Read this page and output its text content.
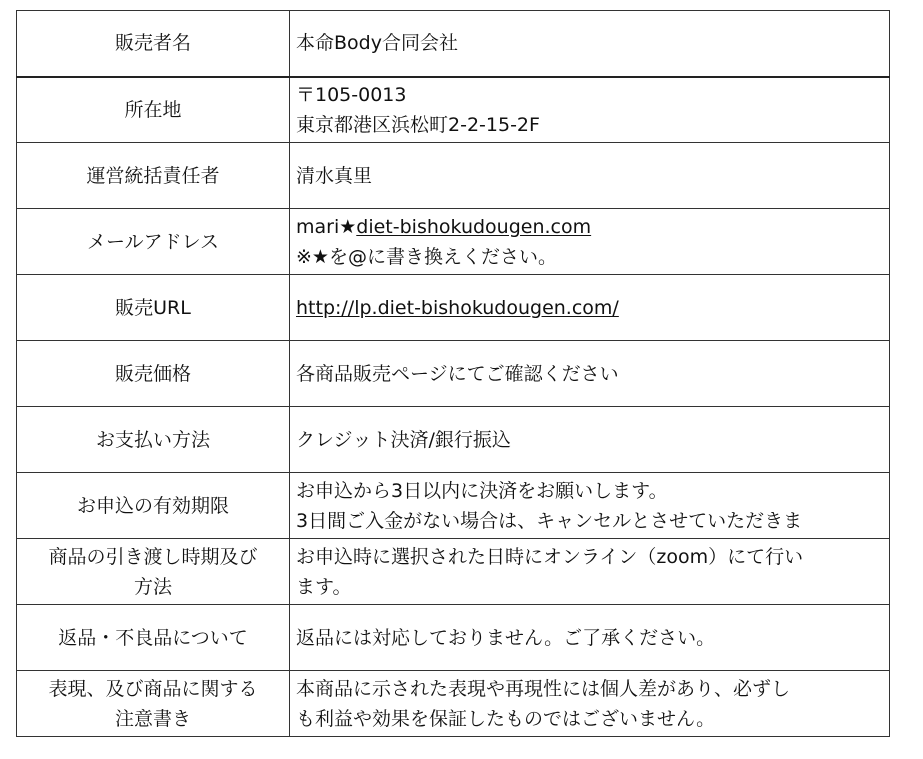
販売者名	本命Body合同会社

所在地	〒105-0013
東京都港区浜松町2-2-15-2F

運営統括責任者	清水真里

メールアドレス	mari★diet-bishokudougen.com
※★を@に書き換えください。

販売URL	http://lp.diet-bishokudougen.com/

販売価格	各商品販売ページにてご確認ください

お支払い方法	クレジット決済/銀行振込

お申込の有効期限	お申込から3日以内に決済をお願いします。
3日間ご入金がない場合は、キャンセルとさせていただきま

商品の引き渡し時期及び
方法	お申込時に選択された日時にオンライン（zoom）にて行い
ます。

返品・不良品について	返品には対応しておりません。ご了承ください。

表現、及び商品に関する
注意書き	本商品に示された表現や再現性には個人差があり、必ずし
も利益や効果を保証したものではございません。
